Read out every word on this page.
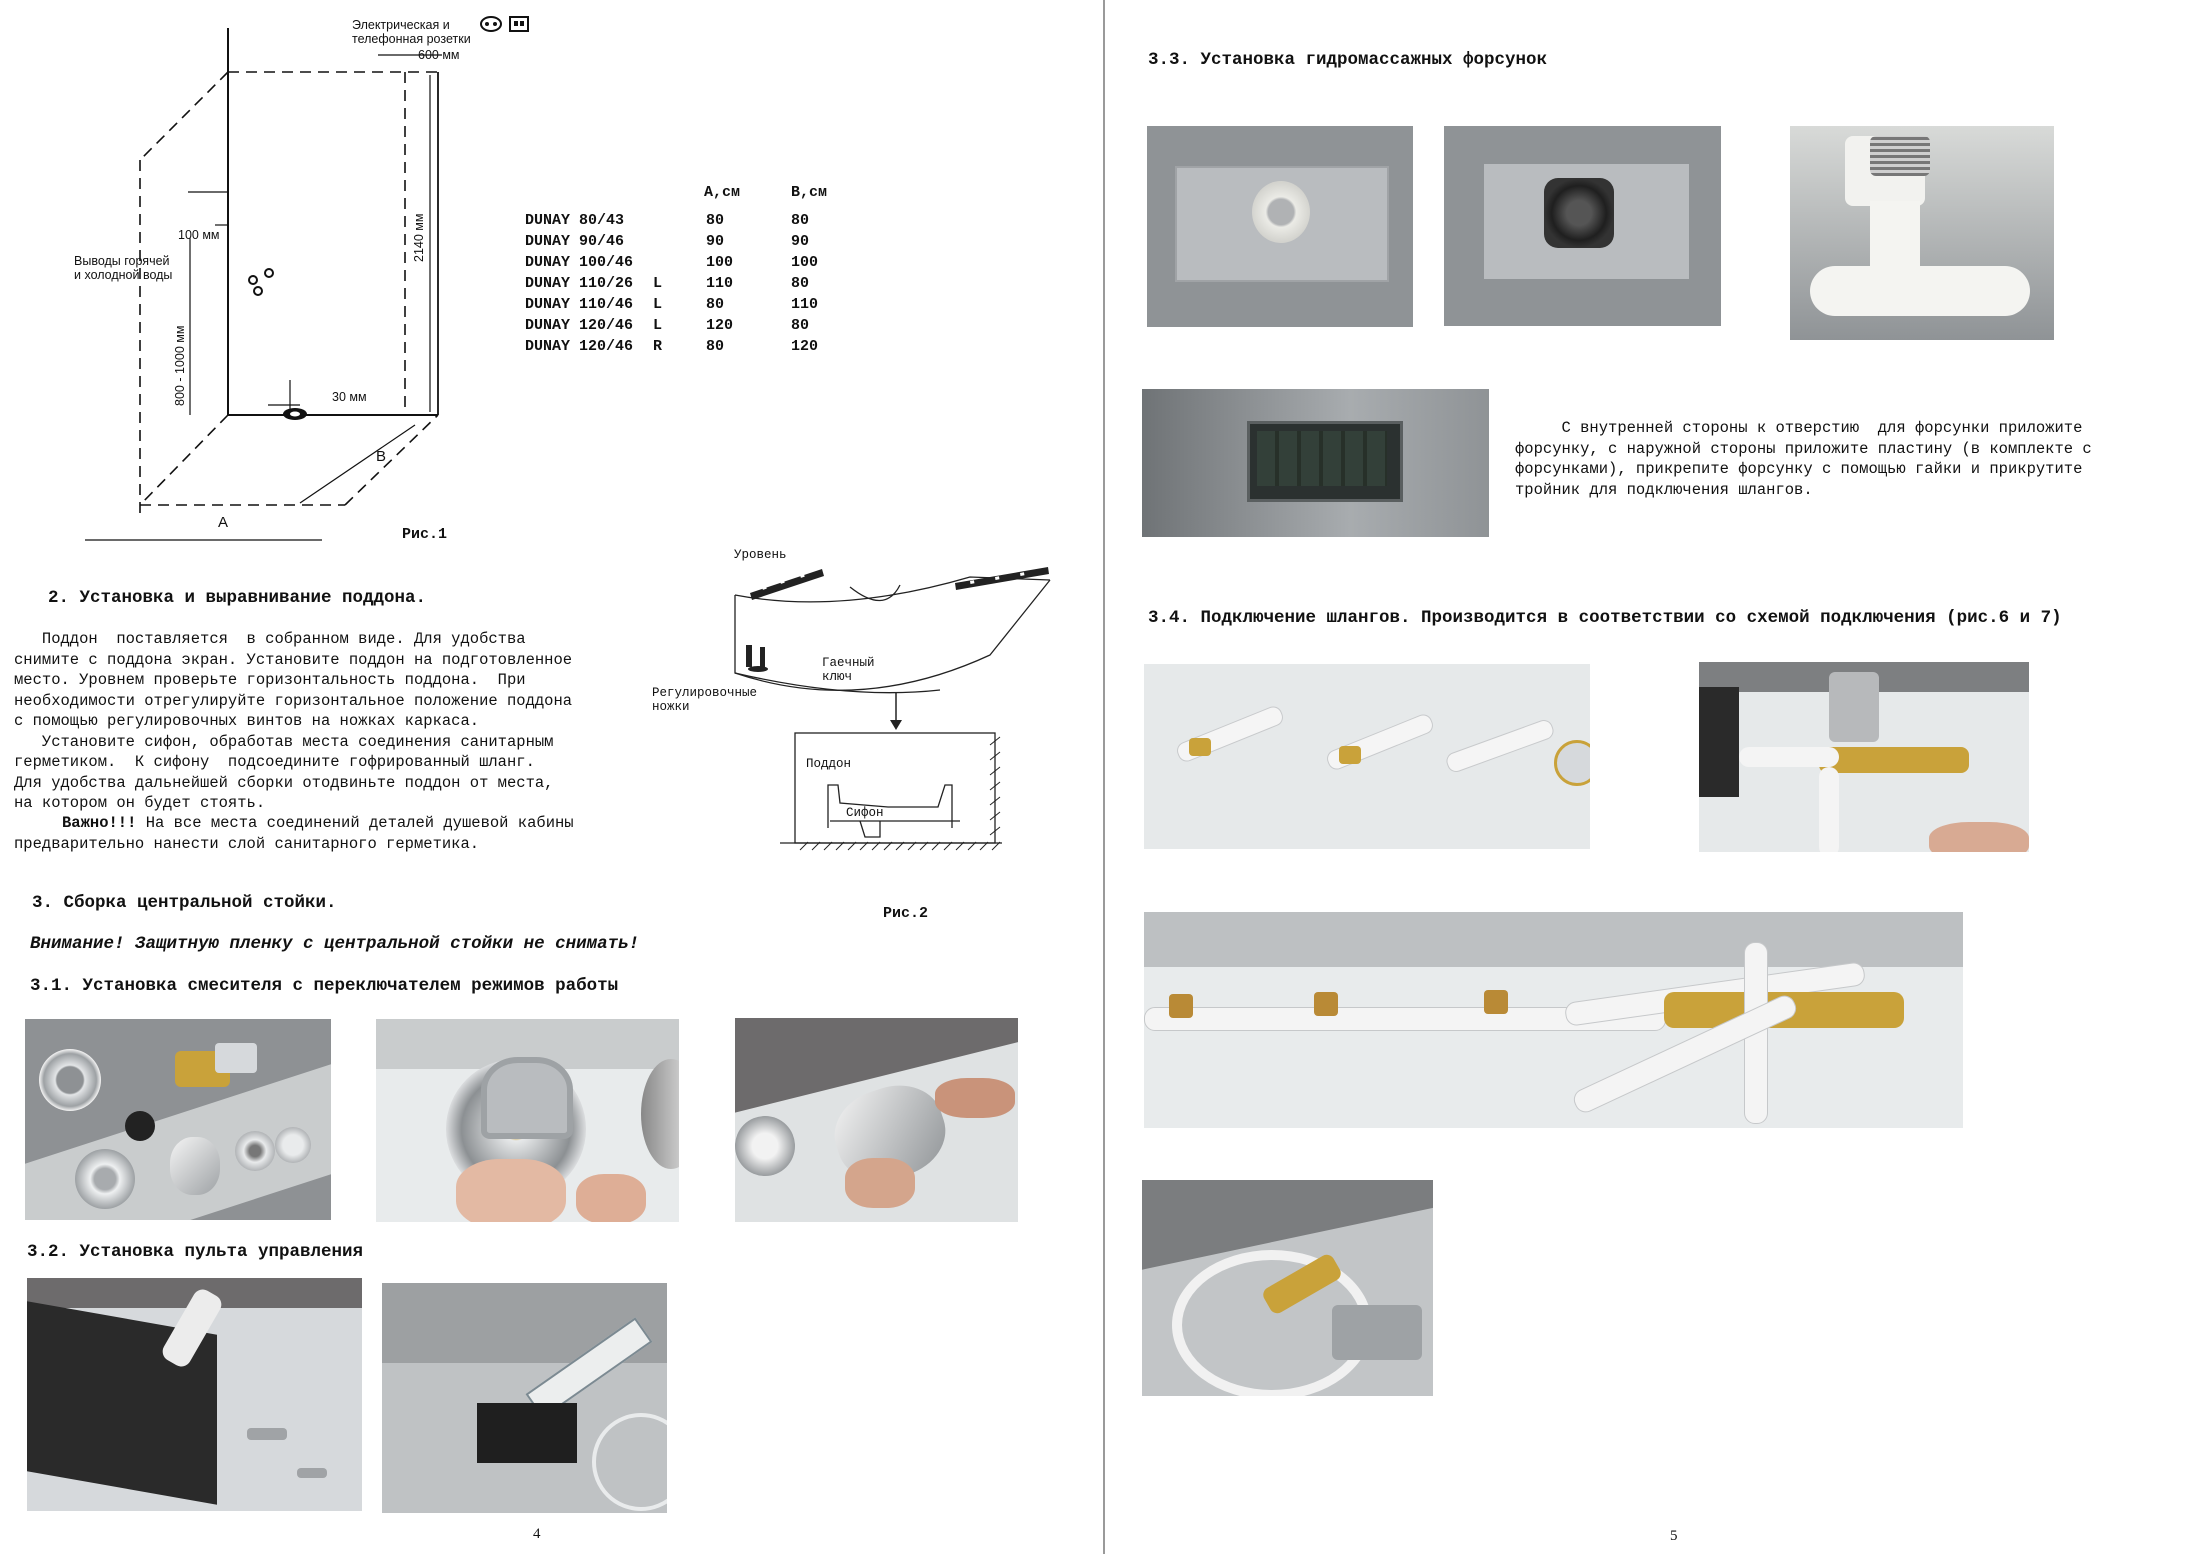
Электрическая и
телефонная розетки
600 мм
2140 мм
100 мм
Выводы горячей
и холодной воды
800 - 1000 мм	30 мм
А
В
Рис.1
А,см	В,см
DUNAY 80/43		80	80
DUNAY 90/46		90	90
DUNAY 100/46		100	100
DUNAY 110/26	L	110	80
DUNAY 110/46	L	80	110
DUNAY 120/46	L	120	80
DUNAY 120/46	R	80	120
2. Установка и выравнивание поддона.
Поддон  поставляется  в собранном виде. Для удобства
снимите с поддона экран. Установите поддон на подготовленное
место. Уровнем проверьте горизонтальность поддона.  При
необходимости отрегулируйте горизонтальное положение поддона
с помощью регулировочных винтов на ножках каркаса.
Установите сифон, обработав места соединения санитарным
герметиком.  К сифону  подсоедините гофрированный шланг.
Для удобства дальнейшей сборки отодвиньте поддон от места,
на котором он будет стоять.
Важно!!! На все места соединений деталей душевой кабины
предварительно нанести слой санитарного герметика.
Уровень
Гаечный
ключ
Регулировочные
ножки
Поддон
Сифон
Рис.2
3. Сборка центральной стойки.
Внимание! Защитную пленку с центральной стойки не снимать!
3.1. Установка смесителя с переключателем режимов работы
3.2. Установка пульта управления
4
3.3. Установка гидромассажных форсунок
С внутренней стороны к отверстию  для форсунки приложите
форсунку, с наружной стороны приложите пластину (в комплекте с
форсунками), прикрепите форсунку с помощью гайки и прикрутите
тройник для подключения шлангов.
3.4. Подключение шлангов. Производится в соответствии со схемой подключения (рис.6 и 7)
5
